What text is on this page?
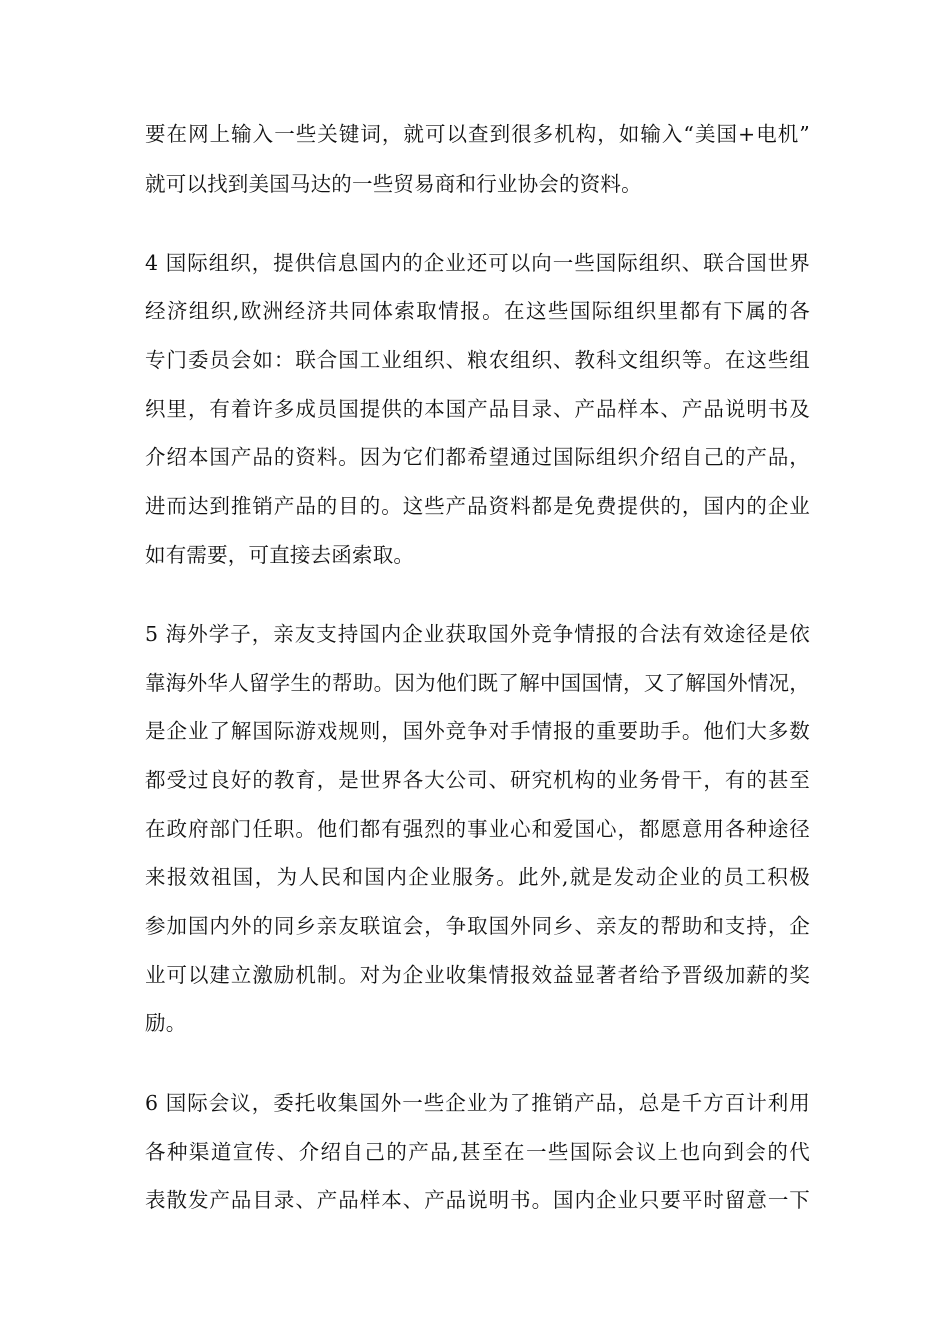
要在网上输入一些关键词，就可以查到很多机构，如输入“美国+电机”
就可以找到美国马达的一些贸易商和行业协会的资料。
4 国际组织，提供信息国内的企业还可以向一些国际组织、联合国世界
经济组织,欧洲经济共同体索取情报。在这些国际组织里都有下属的各
专门委员会如：联合国工业组织、粮农组织、教科文组织等。在这些组
织里，有着许多成员国提供的本国产品目录、产品样本、产品说明书及
介绍本国产品的资料。因为它们都希望通过国际组织介绍自己的产品，
进而达到推销产品的目的。这些产品资料都是免费提供的，国内的企业
如有需要，可直接去函索取。
5 海外学子，亲友支持国内企业获取国外竞争情报的合法有效途径是依
靠海外华人留学生的帮助。因为他们既了解中国国情，又了解国外情况，
是企业了解国际游戏规则，国外竞争对手情报的重要助手。他们大多数
都受过良好的教育，是世界各大公司、研究机构的业务骨干，有的甚至
在政府部门任职。他们都有强烈的事业心和爱国心，都愿意用各种途径
来报效祖国，为人民和国内企业服务。此外,就是发动企业的员工积极
参加国内外的同乡亲友联谊会，争取国外同乡、亲友的帮助和支持，企
业可以建立激励机制。对为企业收集情报效益显著者给予晋级加薪的奖
励。
6 国际会议，委托收集国外一些企业为了推销产品，总是千方百计利用
各种渠道宣传、介绍自己的产品,甚至在一些国际会议上也向到会的代
表散发产品目录、产品样本、产品说明书。国内企业只要平时留意一下
